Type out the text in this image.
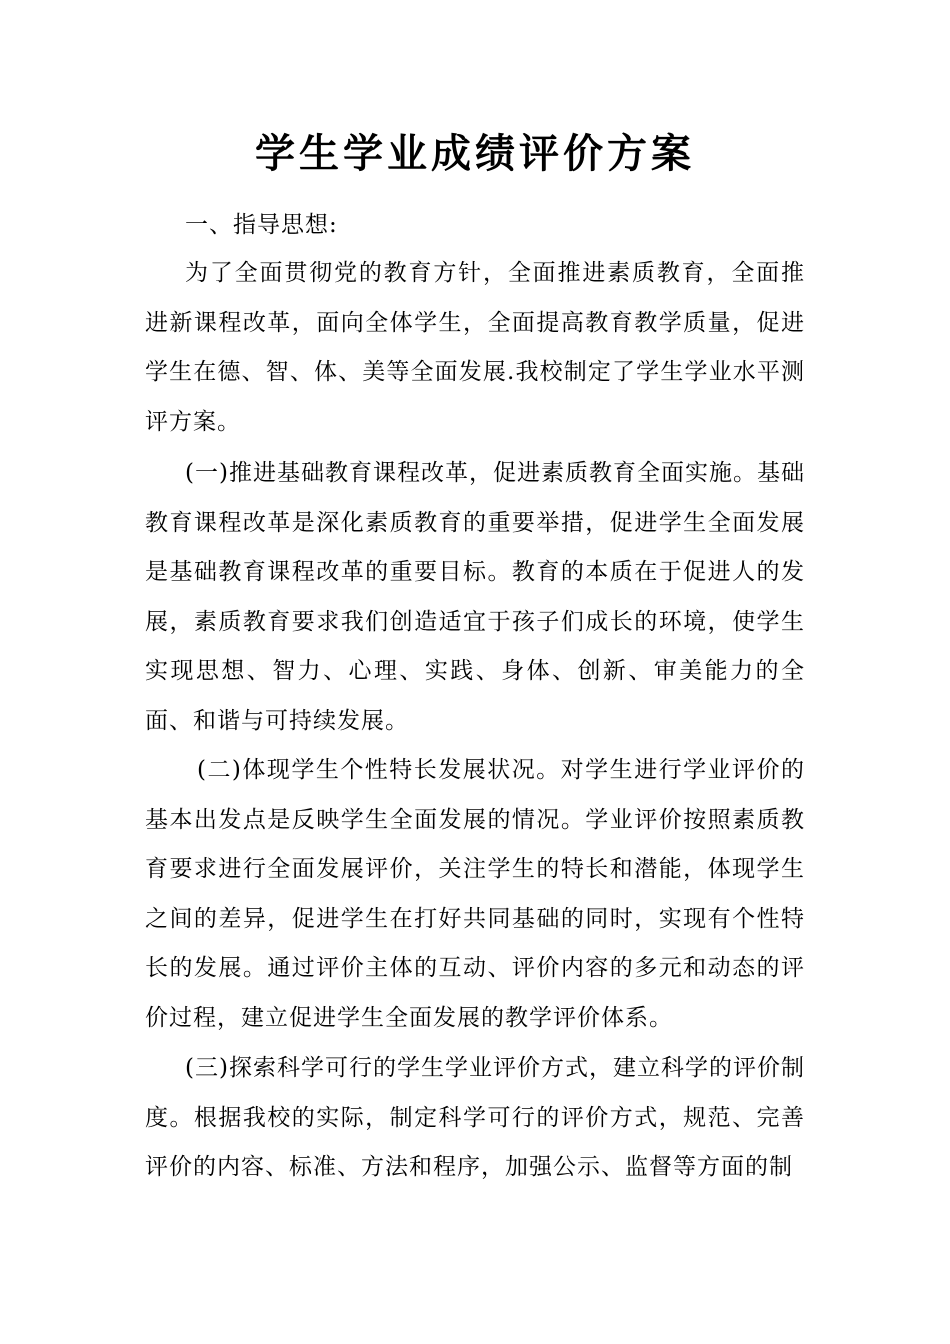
学生学业成绩评价方案

一、指导思想:

为了全面贯彻党的教育方针，全面推进素质教育，全面推进新课程改革，面向全体学生，全面提高教育教学质量，促进学生在德、智、体、美等全面发展.我校制定了学生学业水平测评方案。

(一)推进基础教育课程改革，促进素质教育全面实施。基础教育课程改革是深化素质教育的重要举措，促进学生全面发展是基础教育课程改革的重要目标。教育的本质在于促进人的发展，素质教育要求我们创造适宜于孩子们成长的环境，使学生实现思想、智力、心理、实践、身体、创新、审美能力的全面、和谐与可持续发展。

(二)体现学生个性特长发展状况。对学生进行学业评价的基本出发点是反映学生全面发展的情况。学业评价按照素质教育要求进行全面发展评价，关注学生的特长和潜能，体现学生之间的差异，促进学生在打好共同基础的同时，实现有个性特长的发展。通过评价主体的互动、评价内容的多元和动态的评价过程，建立促进学生全面发展的教学评价体系。

(三)探索科学可行的学生学业评价方式，建立科学的评价制度。根据我校的实际，制定科学可行的评价方式，规范、完善评价的内容、标准、方法和程序，加强公示、监督等方面的制
